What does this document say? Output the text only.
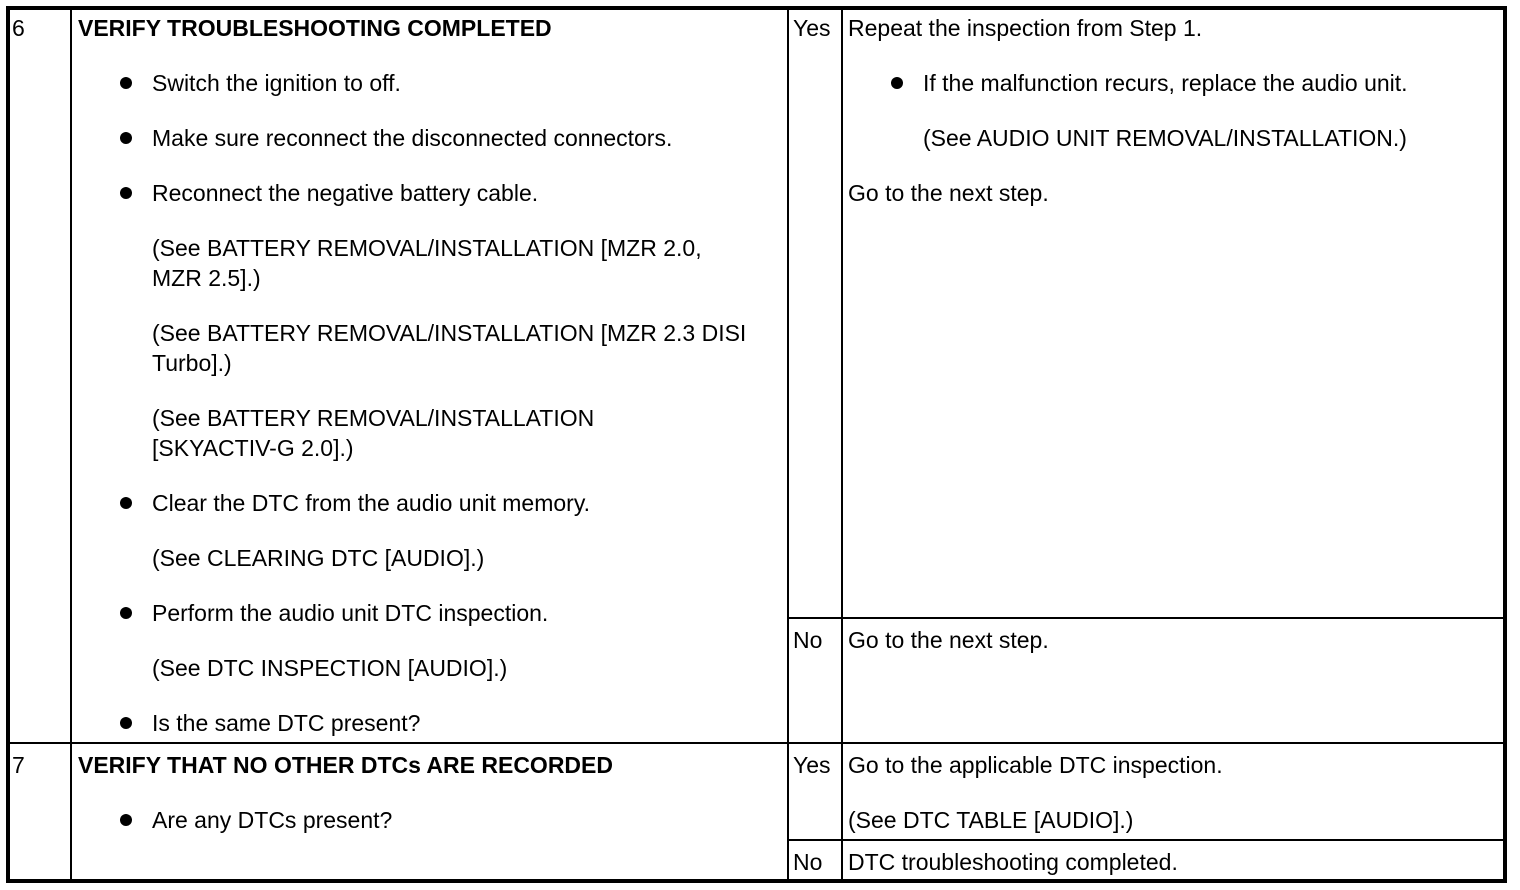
6 VERIFY TROUBLESHOOTING COMPLETED
Switch the ignition to off.
Make sure reconnect the disconnected connectors.
Reconnect the negative battery cable.
(See BATTERY REMOVAL/INSTALLATION [MZR 2.0, MZR 2.5].)
(See BATTERY REMOVAL/INSTALLATION [MZR 2.3 DISI Turbo].)
(See BATTERY REMOVAL/INSTALLATION [SKYACTIV-G 2.0].)
Clear the DTC from the audio unit memory.
(See CLEARING DTC [AUDIO].)
Perform the audio unit DTC inspection.
(See DTC INSPECTION [AUDIO].)
Is the same DTC present?
Yes Repeat the inspection from Step 1.
If the malfunction recurs, replace the audio unit.
(See AUDIO UNIT REMOVAL/INSTALLATION.)
Go to the next step.
No Go to the next step.
7 VERIFY THAT NO OTHER DTCs ARE RECORDED
Are any DTCs present?
Yes Go to the applicable DTC inspection.
(See DTC TABLE [AUDIO].)
No DTC troubleshooting completed.
